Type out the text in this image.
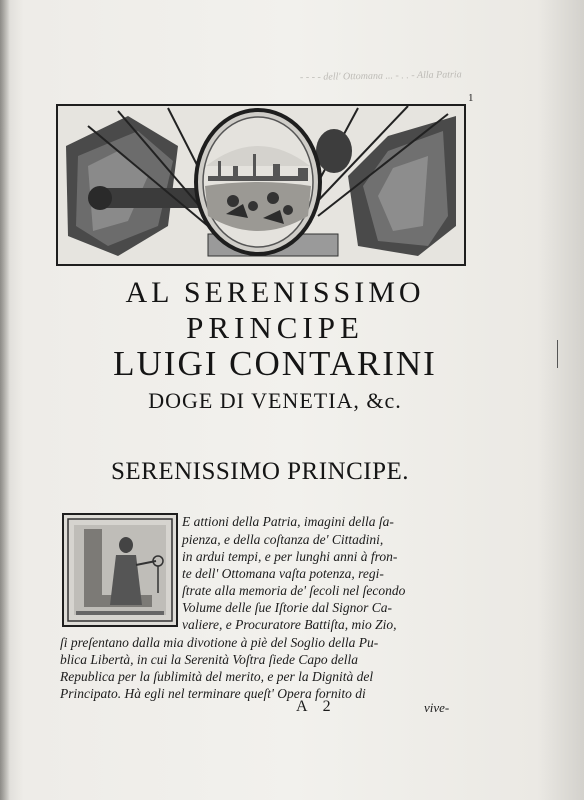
- - - - dell' Ottomana ... - . . - Alla Patria
1
AL SERENISSIMO
PRINCIPE
LUIGI CONTARINI
DOGE DI VENETIA, &c.
SERENISSIMO PRINCIPE.
E attioni della Patria, imagini della ſa-
pienza, e della coſtanza de' Cittadini,
in ardui tempi, e per lunghi anni à fron-
te dell' Ottomana vaſta potenza, regi-
ſtrate alla memoria de' ſecoli nel ſecondo
Volume delle ſue Iſtorie dal Signor Ca-
valiere, e Procuratore Battiſta, mio Zio,
ſi preſentano dalla mia divotione à piè del Soglio della Pu-
blica Libertà, in cui la Serenità Voſtra ſiede Capo della
Republica per la ſublimità del merito, e per la Dignità del
Principato. Hà egli nel terminare queſt' Opera fornito di
A 2	vive-
